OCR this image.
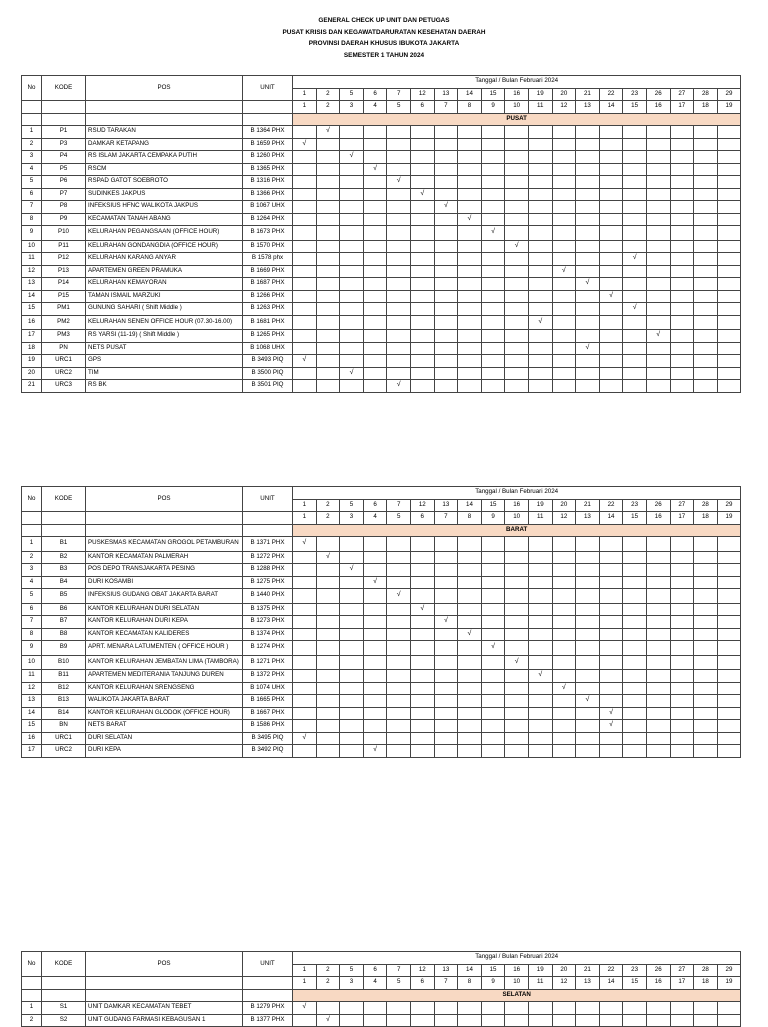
GENERAL CHECK UP UNIT DAN PETUGAS
PUSAT KRISIS DAN KEGAWATDARURATAN KESEHATAN DAERAH
PROVINSI DAERAH KHUSUS IBUKOTA JAKARTA
SEMESTER 1 TAHUN 2024
No	KODE	POS	UNIT	Tanggal / Bulan Februari 2024																		
				1	2	5	6	7	12	13	14	15	16	19	20	21	22	23	26	27	28	29
				1	2	3	4	5	6	7	8	9	10	11	12	13	14	15	16	17	18	19
				PUSAT																		
1	P1	RSUD TARAKAN	B 1364 PHX		√																	
2	P3	DAMKAR KETAPANG	B 1659 PHX	√																		
3	P4	RS ISLAM JAKARTA CEMPAKA PUTIH	B 1260 PHX			√																
4	P5	RSCM	B 1365 PHX				√															
5	P6	RSPAD GATOT SOEBROTO	B 1316 PHX					√														
6	P7	SUDINKES JAKPUS	B 1366 PHX						√													
7	P8	INFEKSIUS HFNC WALIKOTA JAKPUS	B 1067 UHX							√												
8	P9	KECAMATAN TANAH ABANG	B 1264 PHX								√											
9	P10	KELURAHAN PEGANGSAAN (OFFICE HOUR)	B 1673 PHX									√										
10	P11	KELURAHAN GONDANGDIA (OFFICE HOUR)	B 1570 PHX										√									
11	P12	KELURAHAN KARANG ANYAR	B 1578 phx															√				
12	P13	APARTEMEN GREEN PRAMUKA	B 1669 PHX												√							
13	P14	KELURAHAN KEMAYORAN	B 1687 PHX													√						
14	P15	TAMAN ISMAIL MARZUKI	B 1266 PHX														√					
15	PM1	GUNUNG SAHARI ( Shift Middle )	B 1263 PHX															√				
16	PM2	KELURAHAN SENEN OFFICE HOUR (07.30-16.00)	B 1681 PHX											√								
17	PM3	RS YARSI (11-19) ( Shift Middle )	B 1265 PHX																√			
18	PN	NETS PUSAT	B 1068 UHX													√						
19	URC1	GPS	B 3493 PIQ	√																		
20	URC2	TIM	B 3500 PIQ			√																
21	URC3	RS BK	B 3501 PIQ					√														
No	KODE	POS	UNIT	Tanggal / Bulan Februari 2024																		
				1	2	5	6	7	12	13	14	15	16	19	20	21	22	23	26	27	28	29
				1	2	3	4	5	6	7	8	9	10	11	12	13	14	15	16	17	18	19
				BARAT																		
1	B1	PUSKESMAS KECAMATAN GROGOL PETAMBURAN	B 1371 PHX	√																		
2	B2	KANTOR KECAMATAN PALMERAH	B 1272 PHX		√																	
3	B3	POS DEPO TRANSJAKARTA PESING	B 1288 PHX			√																
4	B4	DURI KOSAMBI	B 1275 PHX				√															
5	B5	INFEKSIUS GUDANG OBAT JAKARTA BARAT	B 1440 PHX					√														
6	B6	KANTOR KELURAHAN DURI SELATAN	B 1375 PHX						√													
7	B7	KANTOR KELURAHAN DURI KEPA	B 1273 PHX							√												
8	B8	KANTOR KECAMATAN KALIDERES	B 1374 PHX								√											
9	B9	APRT. MENARA LATUMENTEN ( OFFICE HOUR )	B 1274 PHX									√										
10	B10	KANTOR KELURAHAN JEMBATAN LIMA (TAMBORA)	B 1271 PHX										√									
11	B11	APARTEMEN MEDITERANIA TANJUNG DUREN	B 1372 PHX											√								
12	B12	KANTOR KELURAHAN SRENGSENG	B 1074 UHX												√							
13	B13	WALIKOTA JAKARTA BARAT	B 1665 PHX													√						
14	B14	KANTOR KELURAHAN GLODOK (OFFICE HOUR)	B 1667 PHX														√					
15	BN	NETS BARAT	B 1586 PHX														√					
16	URC1	DURI SELATAN	B 3495 PIQ	√																		
17	URC2	DURI KEPA	B 3492 PIQ				√															
No	KODE	POS	UNIT	Tanggal / Bulan Februari 2024																		
				1	2	5	6	7	12	13	14	15	16	19	20	21	22	23	26	27	28	29
				1	2	3	4	5	6	7	8	9	10	11	12	13	14	15	16	17	18	19
				SELATAN																		
1	S1	UNIT DAMKAR KECAMATAN TEBET	B 1279 PHX	√																		
2	S2	UNIT GUDANG FARMASI KEBAGUSAN 1	B 1377 PHX		√																	
